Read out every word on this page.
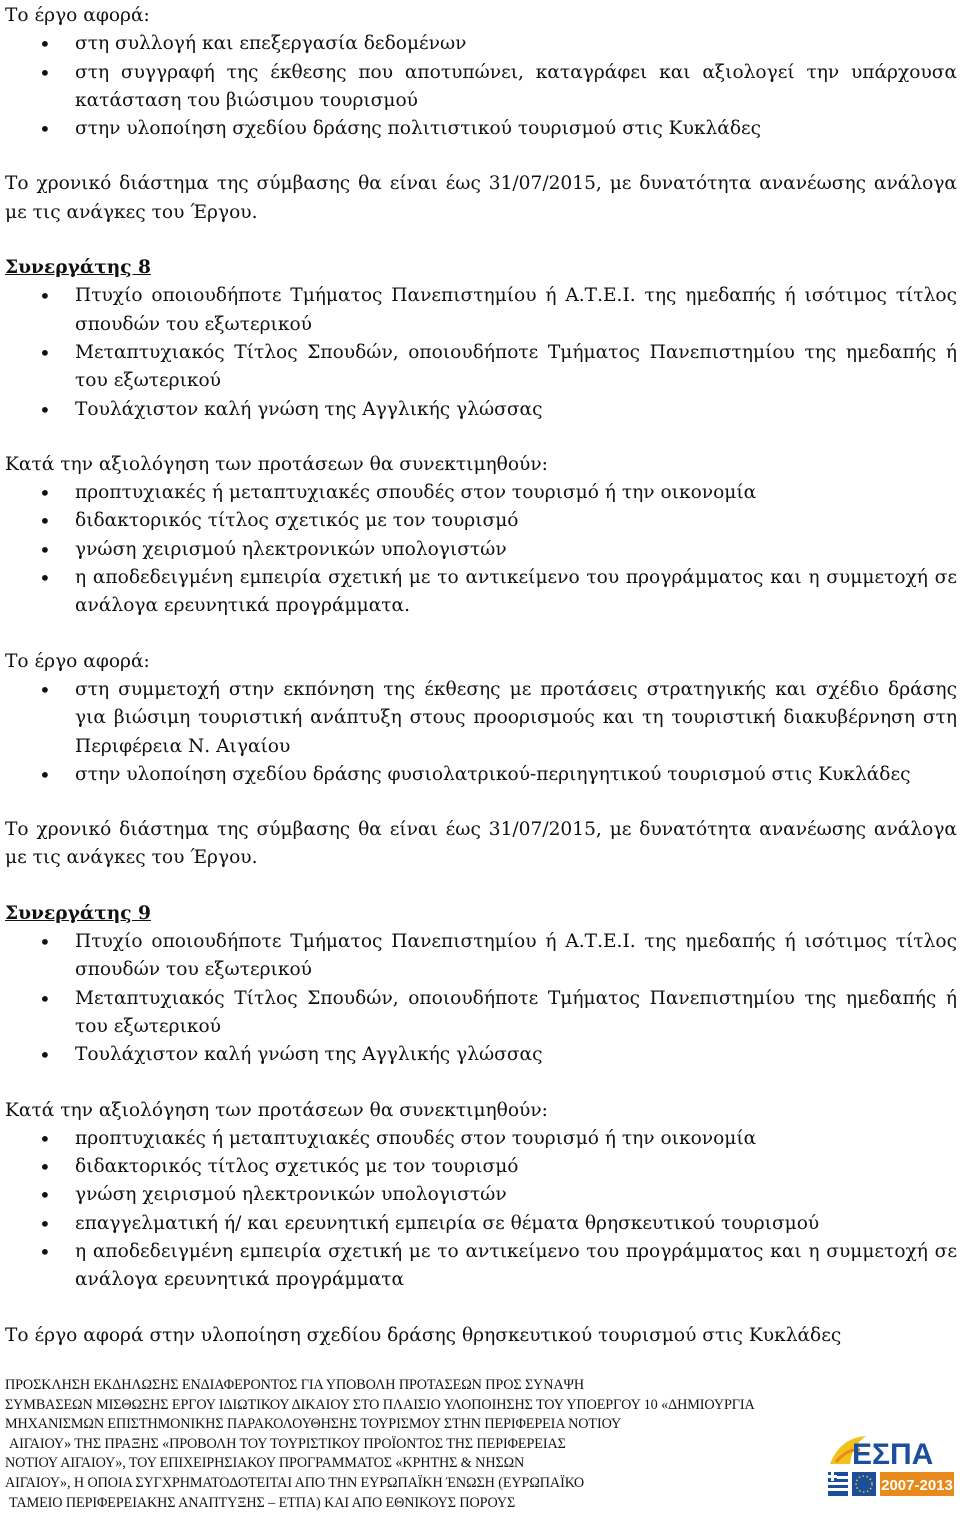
Το έργο αφορά:

• στη συλλογή και επεξεργασία δεδομένων
• στη συγγραφή της έκθεσης που αποτυπώνει, καταγράφει και αξιολογεί την υπάρχουσα κατάσταση του βιώσιμου τουρισμού
• στην υλοποίηση σχεδίου δράσης πολιτιστικού τουρισμού στις Κυκλάδες

Το χρονικό διάστημα της σύμβασης θα είναι έως 31/07/2015, με δυνατότητα ανανέωσης ανάλογα με τις ανάγκες του Έργου.

Συνεργάτης 8

• Πτυχίο οποιουδήποτε Τμήματος Πανεπιστημίου ή Α.Τ.Ε.Ι. της ημεδαπής ή ισότιμος τίτλος σπουδών του εξωτερικού
• Μεταπτυχιακός Τίτλος Σπουδών, οποιουδήποτε Τμήματος Πανεπιστημίου της ημεδαπής ή του εξωτερικού
• Τουλάχιστον καλή γνώση της Αγγλικής γλώσσας

Κατά την αξιολόγηση των προτάσεων θα συνεκτιμηθούν:

• προπτυχιακές ή μεταπτυχιακές σπουδές στον τουρισμό ή την οικονομία
• διδακτορικός τίτλος σχετικός με τον τουρισμό
• γνώση χειρισμού ηλεκτρονικών υπολογιστών
• η αποδεδειγμένη εμπειρία σχετική με το αντικείμενο του προγράμματος και η συμμετοχή σε ανάλογα ερευνητικά προγράμματα.

Το έργο αφορά:

• στη συμμετοχή στην εκπόνηση της έκθεσης με προτάσεις στρατηγικής και σχέδιο δράσης για βιώσιμη τουριστική ανάπτυξη στους προορισμούς και τη τουριστική διακυβέρνηση στη Περιφέρεια Ν. Αιγαίου
• στην υλοποίηση σχεδίου δράσης φυσιολατρικού-περιηγητικού τουρισμού στις Κυκλάδες

Το χρονικό διάστημα της σύμβασης θα είναι έως 31/07/2015, με δυνατότητα ανανέωσης ανάλογα με τις ανάγκες του Έργου.

Συνεργάτης 9

• Πτυχίο οποιουδήποτε Τμήματος Πανεπιστημίου ή Α.Τ.Ε.Ι. της ημεδαπής ή ισότιμος τίτλος σπουδών του εξωτερικού
• Μεταπτυχιακός Τίτλος Σπουδών, οποιουδήποτε Τμήματος Πανεπιστημίου της ημεδαπής ή του εξωτερικού
• Τουλάχιστον καλή γνώση της Αγγλικής γλώσσας

Κατά την αξιολόγηση των προτάσεων θα συνεκτιμηθούν:

• προπτυχιακές ή μεταπτυχιακές σπουδές στον τουρισμό ή την οικονομία
• διδακτορικός τίτλος σχετικός με τον τουρισμό
• γνώση χειρισμού ηλεκτρονικών υπολογιστών
• επαγγελματική ή/ και ερευνητική εμπειρία σε θέματα θρησκευτικού τουρισμού
• η αποδεδειγμένη εμπειρία σχετική με το αντικείμενο του προγράμματος και η συμμετοχή σε ανάλογα ερευνητικά προγράμματα

Το έργο αφορά στην υλοποίηση σχεδίου δράσης θρησκευτικού τουρισμού στις Κυκλάδες

ΠΡΟΣΚΛΗΣΗ ΕΚΔΗΛΩΣΗΣ ΕΝΔΙΑΦΕΡΟΝΤΟΣ ΓΙΑ ΥΠΟΒΟΛΗ ΠΡΟΤΑΣΕΩΝ ΠΡΟΣ ΣΥΝΑΨΗ
ΣΥΜΒΑΣΕΩΝ ΜΙΣΘΩΣΗΣ ΕΡΓΟΥ ΙΔΙΩΤΙΚΟΥ ΔΙΚΑΙΟΥ ΣΤΟ ΠΛΑΙΣΙΟ ΥΛΟΠΟΙΗΣΗΣ ΤΟΥ ΥΠΟΕΡΓΟΥ 10 «ΔΗΜΙΟΥΡΓΙΑ
ΜΗΧΑΝΙΣΜΩΝ ΕΠΙΣΤΗΜΟΝΙΚΗΣ ΠΑΡΑΚΟΛΟΥΘΗΣΗΣ ΤΟΥΡΙΣΜΟΥ ΣΤΗΝ ΠΕΡΙΦΕΡΕΙΑ ΝΟΤΙΟΥ
ΑΙΓΑΙΟΥ» ΤΗΣ ΠΡΑΞΗΣ «ΠΡΟΒΟΛΗ ΤΟΥ ΤΟΥΡΙΣΤΙΚΟΥ ΠΡΟΪΟΝΤΟΣ ΤΗΣ ΠΕΡΙΦΕΡΕΙΑΣ
ΝΟΤΙΟΥ ΑΙΓΑΙΟΥ», ΤΟΥ ΕΠΙΧΕΙΡΗΣΙΑΚΟΥ ΠΡΟΓΡΑΜΜΑΤΟΣ «ΚΡΗΤΗΣ & ΝΗΣΩΝ
ΑΙΓΑΙΟΥ», Η ΟΠΟΙΑ ΣΥΓΧΡΗΜΑΤΟΔΟΤΕΙΤΑΙ ΑΠΟ ΤΗΝ ΕΥΡΩΠΑΪΚΗ ΈΝΩΣΗ (ΕΥΡΩΠΑΪΚΟ
ΤΑΜΕΙΟ ΠΕΡΙΦΕΡΕΙΑΚΗΣ ΑΝΑΠΤΥΞΗΣ – ΕΤΠΑ) ΚΑΙ ΑΠΟ ΕΘΝΙΚΟΥΣ ΠΟΡΟΥΣ
ΕΣΠΑ
2007-2013
